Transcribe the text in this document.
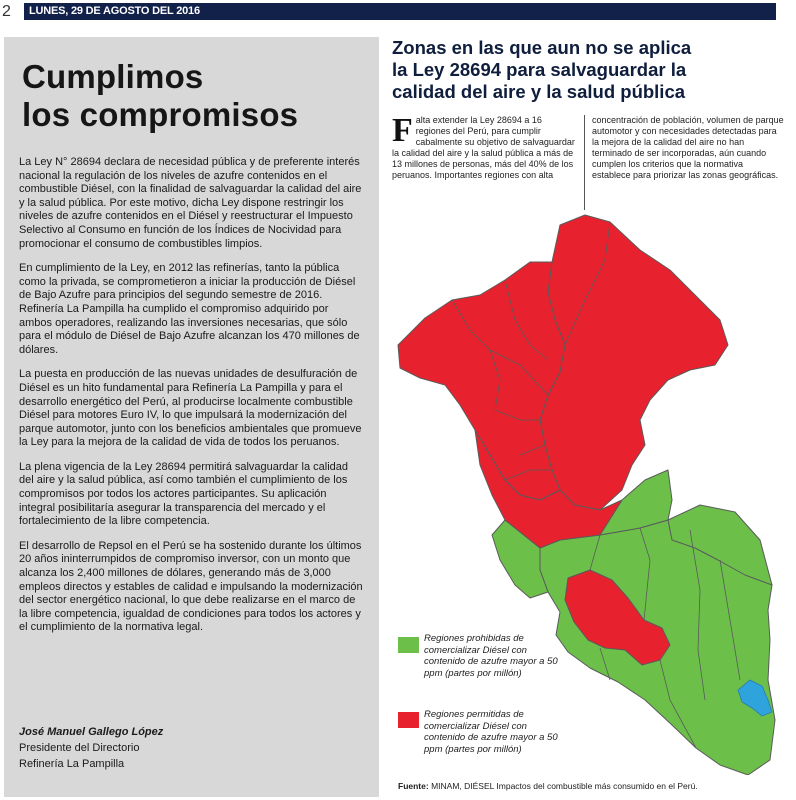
2	LUNES, 29 DE AGOSTO DEL 2016
Cumplimos
los compromisos

La Ley N° 28694 declara de necesidad pública y de preferente interés nacional la regulación de los niveles de azufre contenidos en el combustible Diésel, con la finalidad de salvaguardar la calidad del aire y la salud pública. Por este motivo, dicha Ley dispone restringir los niveles de azufre contenidos en el Diésel y reestructurar el Impuesto Selectivo al Consumo en función de los Índices de Nocividad para promocionar el consumo de combustibles limpios.

En cumplimiento de la Ley, en 2012 las refinerías, tanto la pública como la privada, se comprometieron a iniciar la producción de Diésel de Bajo Azufre para principios del segundo semestre de 2016. Refinería La Pampilla ha cumplido el compromiso adquirido por ambos operadores, realizando las inversiones necesarias, que sólo para el módulo de Diésel de Bajo Azufre alcanzan los 470 millones de dólares.

La puesta en producción de las nuevas unidades de desulfuración de Diésel es un hito fundamental para Refinería La Pampilla y para el desarrollo energético del Perú, al producirse localmente combustible Diésel para motores Euro IV, lo que impulsará la modernización del parque automotor, junto con los beneficios ambientales que promueve la Ley para la mejora de la calidad de vida de todos los peruanos.

La plena vigencia de la Ley 28694 permitirá salvaguardar la calidad del aire y la salud pública, así como también el cumplimiento de los compromisos por todos los actores participantes. Su aplicación integral posibilitaría asegurar la transparencia del mercado y el fortalecimiento de la libre competencia.

El desarrollo de Repsol en el Perú se ha sostenido durante los últimos 20 años ininterrumpidos de compromiso inversor, con un monto que alcanza los 2,400 millones de dólares, generando más de 3,000 empleos directos y estables de calidad e impulsando la modernización del sector energético nacional, lo que debe realizarse en el marco de la libre competencia, igualdad de condiciones para todos los actores y el cumplimiento de la normativa legal.

José Manuel Gallego López
Presidente del Directorio
Refinería La Pampilla
Zonas en las que aun no se aplica
la Ley 28694 para salvaguardar la
calidad del aire y la salud pública
Falta extender la Ley 28694 a 16 regiones del Perú, para cumplir cabalmente su objetivo de salvaguardar la calidad del aire y la salud pública a más de 13 millones de personas, más del 40% de los peruanos. Importantes regiones con alta
concentración de población, volumen de parque automotor y con necesidades detectadas para la mejora de la calidad del aire no han terminado de ser incorporadas, aún cuando cumplen los criterios que la normativa establece para priorizar las zonas geográficas.
Regiones prohibidas de comercializar Diésel con contenido de azufre mayor a 50 ppm (partes por millón)
Regiones permitidas de comercializar Diésel con contenido de azufre mayor a 50 ppm (partes por millón)
Fuente: MINAM, DIÉSEL Impactos del combustible más consumido en el Perú.
